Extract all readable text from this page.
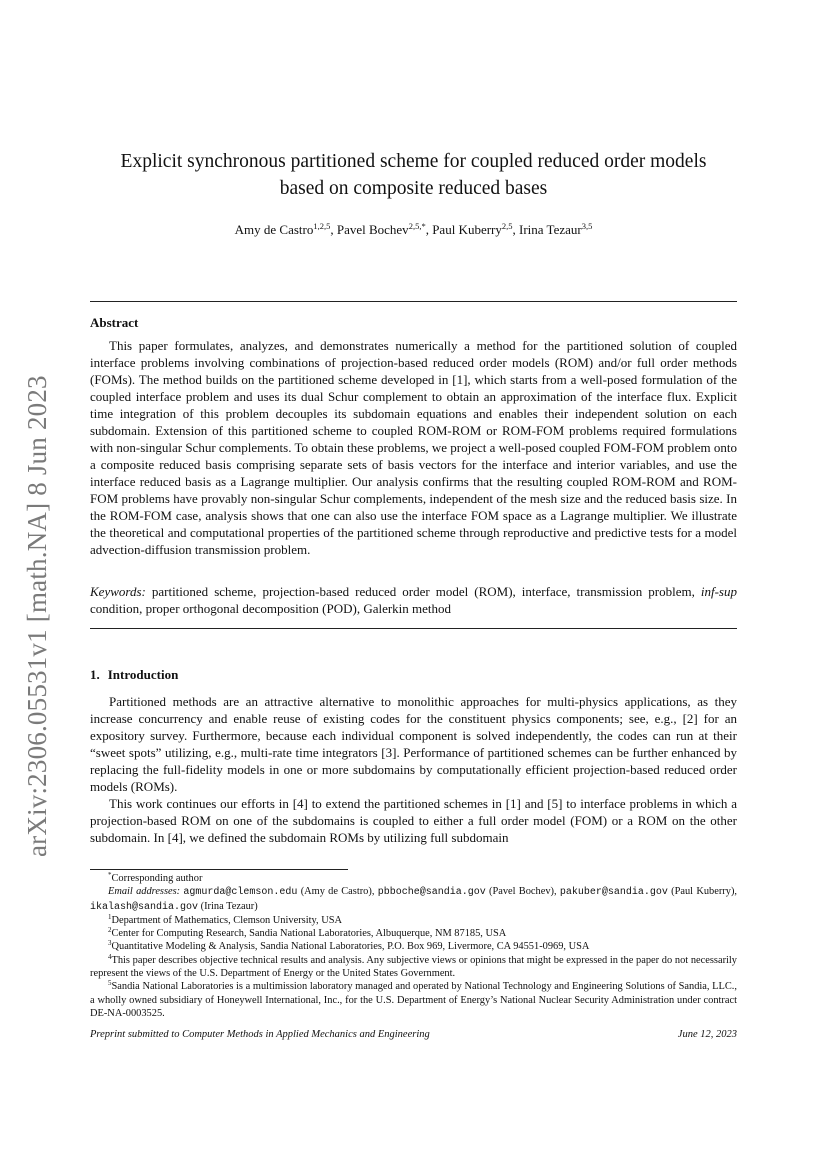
arXiv:2306.05531v1 [math.NA] 8 Jun 2023
Explicit synchronous partitioned scheme for coupled reduced order models
based on composite reduced bases
Amy de Castro$^{1,2,5}$, Pavel Bochev$^{2,5,*}$, Paul Kuberry$^{2,5}$, Irina Tezaur$^{3,5}$
Abstract

This paper formulates, analyzes, and demonstrates numerically a method for the partitioned solution of coupled interface problems involving combinations of projection-based reduced order models (ROM) and/or full order methods (FOMs). The method builds on the partitioned scheme developed in [1], which starts from a well-posed formulation of the coupled interface problem and uses its dual Schur complement to obtain an approximation of the interface flux. Explicit time integration of this problem decouples its subdomain equations and enables their independent solution on each subdomain. Extension of this partitioned scheme to coupled ROM-ROM or ROM-FOM problems required formulations with non-singular Schur complements. To obtain these problems, we project a well-posed coupled FOM-FOM problem onto a composite reduced basis comprising separate sets of basis vectors for the interface and interior variables, and use the interface reduced basis as a Lagrange multiplier. Our analysis confirms that the resulting coupled ROM-ROM and ROM-FOM problems have provably non-singular Schur complements, independent of the mesh size and the reduced basis size. In the ROM-FOM case, analysis shows that one can also use the interface FOM space as a Lagrange multiplier. We illustrate the theoretical and computational properties of the partitioned scheme through reproductive and predictive tests for a model advection-diffusion transmission problem.

Keywords: partitioned scheme, projection-based reduced order model (ROM), interface, transmission problem, inf-sup condition, proper orthogonal decomposition (POD), Galerkin method

1. Introduction

Partitioned methods are an attractive alternative to monolithic approaches for multi-physics applications, as they increase concurrency and enable reuse of existing codes for the constituent physics components; see, e.g., [2] for an expository survey. Furthermore, because each individual component is solved independently, the codes can run at their “sweet spots” utilizing, e.g., multi-rate time integrators [3]. Performance of partitioned schemes can be further enhanced by replacing the full-fidelity models in one or more subdomains by computationally efficient projection-based reduced order models (ROMs).

This work continues our efforts in [4] to extend the partitioned schemes in [1] and [5] to interface problems in which a projection-based ROM on one of the subdomains is coupled to either a full order model (FOM) or a ROM on the other subdomain. In [4], we defined the subdomain ROMs by utilizing full subdomain

*Corresponding author

Email addresses: agmurda@clemson.edu (Amy de Castro), pbboche@sandia.gov (Pavel Bochev), pakuber@sandia.gov (Paul Kuberry), ikalash@sandia.gov (Irina Tezaur)

$^1$Department of Mathematics, Clemson University, USA

$^2$Center for Computing Research, Sandia National Laboratories, Albuquerque, NM 87185, USA

$^3$Quantitative Modeling & Analysis, Sandia National Laboratories, P.O. Box 969, Livermore, CA 94551-0969, USA

$^4$This paper describes objective technical results and analysis. Any subjective views or opinions that might be expressed in the paper do not necessarily represent the views of the U.S. Department of Energy or the United States Government.

$^5$Sandia National Laboratories is a multimission laboratory managed and operated by National Technology and Engineering Solutions of Sandia, LLC., a wholly owned subsidiary of Honeywell International, Inc., for the U.S. Department of Energy’s National Nuclear Security Administration under contract DE-NA-0003525.

Preprint submitted to Computer Methods in Applied Mechanics and Engineering	June 12, 2023
